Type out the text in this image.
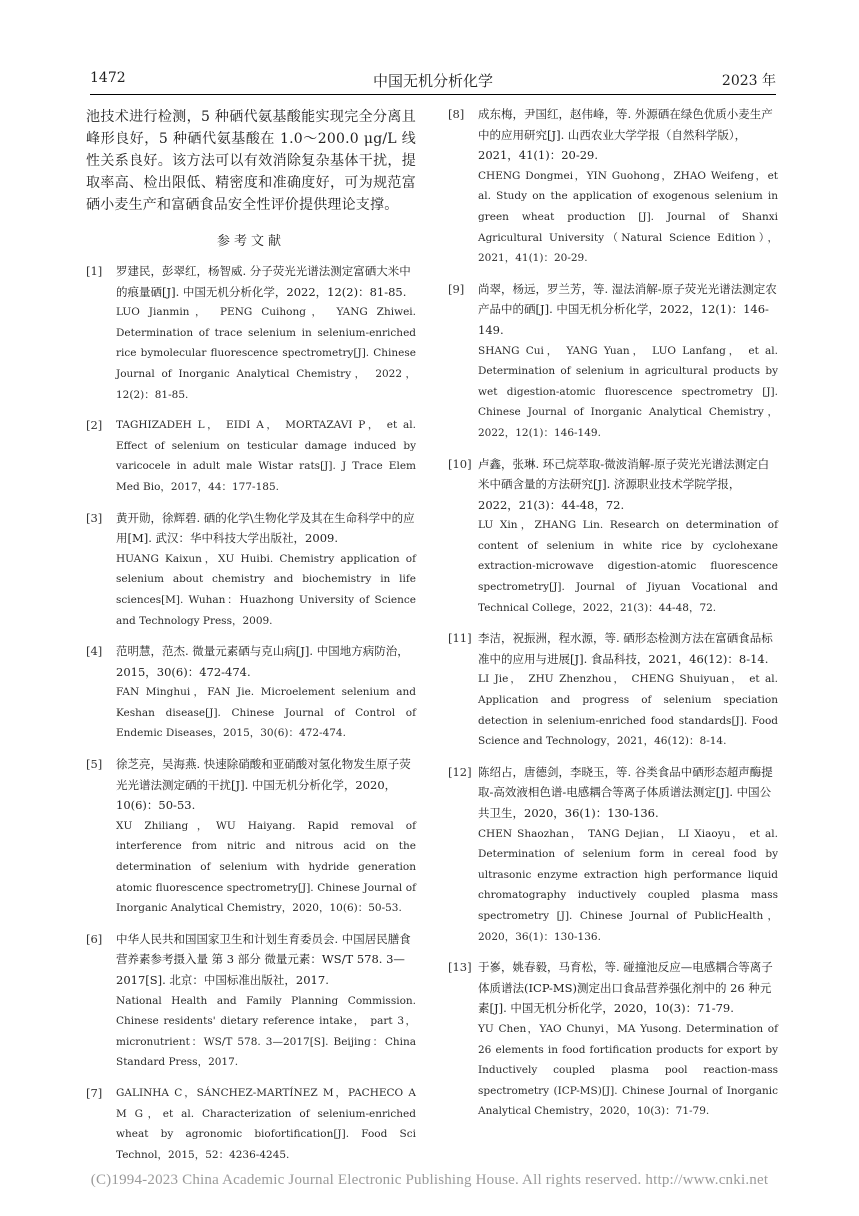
1472	中国无机分析化学	2023 年

池技术进行检测，5 种硒代氨基酸能实现完全分离且峰形良好，5 种硒代氨基酸在 1.0～200.0 μg/L 线性关系良好。该方法可以有效消除复杂基体干扰，提取率高、检出限低、精密度和准确度好，可为规范富硒小麦生产和富硒食品安全性评价提供理论支撑。

参考文献
[1] 罗建民，彭翠红，杨智威. 分子荧光光谱法测定富硒大米中的痕量硒[J]. 中国无机分析化学，2022，12(2)：81-85.

LUO Jianmin， PENG Cuihong， YANG Zhiwei. Determination of trace selenium in selenium-enriched rice bymolecular fluorescence spectrometry[J]. Chinese Journal of Inorganic Analytical Chemistry， 2022， 12(2)：81-85.

[2] TAGHIZADEH L， EIDI A， MORTAZAVI P， et al. Effect of selenium on testicular damage induced by varicocele in adult male Wistar rats[J]. J Trace Elem Med Bio，2017，44：177-185.

[3] 黄开勋，徐辉碧. 硒的化学\生物化学及其在生命科学中的应用[M]. 武汉：华中科技大学出版社，2009.

HUANG Kaixun，XU Huibi. Chemistry application of selenium about chemistry and biochemistry in life sciences[M]. Wuhan：Huazhong University of Science and Technology Press，2009.

[4] 范明慧，范杰. 微量元素硒与克山病[J]. 中国地方病防治，2015，30(6)：472-474.

FAN Minghui，FAN Jie. Microelement selenium and Keshan disease[J]. Chinese Journal of Control of Endemic Diseases，2015，30(6)：472-474.

[5] 徐芝亮，吴海燕. 快速除硝酸和亚硝酸对氢化物发生原子荧光光谱法测定硒的干扰[J]. 中国无机分析化学，2020，10(6)：50-53.

XU Zhiliang，WU Haiyang. Rapid removal of interference from nitric and nitrous acid on the determination of selenium with hydride generation atomic fluorescence spectrometry[J]. Chinese Journal of Inorganic Analytical Chemistry，2020，10(6)：50-53.

[6] 中华人民共和国国家卫生和计划生育委员会. 中国居民膳食营养素参考摄入量 第 3 部分 微量元素：WS/T 578. 3—2017[S]. 北京：中国标准出版社，2017.

National Health and Family Planning Commission. Chinese residents' dietary reference intake， part 3， micronutrient：WS/T 578. 3—2017[S]. Beijing：China Standard Press，2017.

[7] GALINHA C，SÁNCHEZ-MARTÍNEZ M，PACHECO A M G，et al. Characterization of selenium-enriched wheat by agronomic biofortification[J]. Food Sci Technol，2015，52：4236-4245.

[8] 成东梅，尹国红，赵伟峰，等. 外源硒在绿色优质小麦生产中的应用研究[J]. 山西农业大学学报（自然科学版），2021，41(1)：20-29.

CHENG Dongmei，YIN Guohong，ZHAO Weifeng，et al. Study on the application of exogenous selenium in green wheat production [J]. Journal of Shanxi Agricultural University（Natural Science Edition），2021，41(1)：20-29.

[9] 尚翠，杨远，罗兰芳，等. 湿法消解-原子荧光光谱法测定农产品中的硒[J]. 中国无机分析化学，2022，12(1)：146-149.

SHANG Cui， YANG Yuan， LUO Lanfang， et al. Determination of selenium in agricultural products by wet digestion-atomic fluorescence spectrometry [J]. Chinese Journal of Inorganic Analytical Chemistry，2022，12(1)：146-149.

[10] 卢鑫，张琳. 环己烷萃取-微波消解-原子荧光光谱法测定白米中硒含量的方法研究[J]. 济源职业技术学院学报，2022，21(3)：44-48，72.

LU Xin，ZHANG Lin. Research on determination of content of selenium in white rice by cyclohexane extraction-microwave digestion-atomic fluorescence spectrometry[J]. Journal of Jiyuan Vocational and Technical College，2022，21(3)：44-48，72.

[11] 李洁，祝振洲，程水源，等. 硒形态检测方法在富硒食品标准中的应用与进展[J]. 食品科技，2021，46(12)：8-14.

LI Jie， ZHU Zhenzhou， CHENG Shuiyuan， et al. Application and progress of selenium speciation detection in selenium-enriched food standards[J]. Food Science and Technology，2021，46(12)：8-14.

[12] 陈绍占，唐德剑，李晓玉，等. 谷类食品中硒形态超声酶提取-高效液相色谱-电感耦合等离子体质谱法测定[J]. 中国公共卫生，2020，36(1)：130-136.

CHEN Shaozhan， TANG Dejian， LI Xiaoyu， et al. Determination of selenium form in cereal food by ultrasonic enzyme extraction high performance liquid chromatography inductively coupled plasma mass spectrometry [J]. Chinese Journal of PublicHealth， 2020，36(1)：130-136.

[13] 于嵾，姚春毅，马育松，等. 碰撞池反应—电感耦合等离子体质谱法(ICP-MS)测定出口食品营养强化剂中的 26 种元素[J]. 中国无机分析化学，2020，10(3)：71-79.

YU Chen，YAO Chunyi，MA Yusong. Determination of 26 elements in food fortification products for export by Inductively coupled plasma pool reaction-mass spectrometry (ICP-MS)[J]. Chinese Journal of Inorganic Analytical Chemistry，2020，10(3)：71-79.

(C)1994-2023 China Academic Journal Electronic Publishing House. All rights reserved. http://www.cnki.net
